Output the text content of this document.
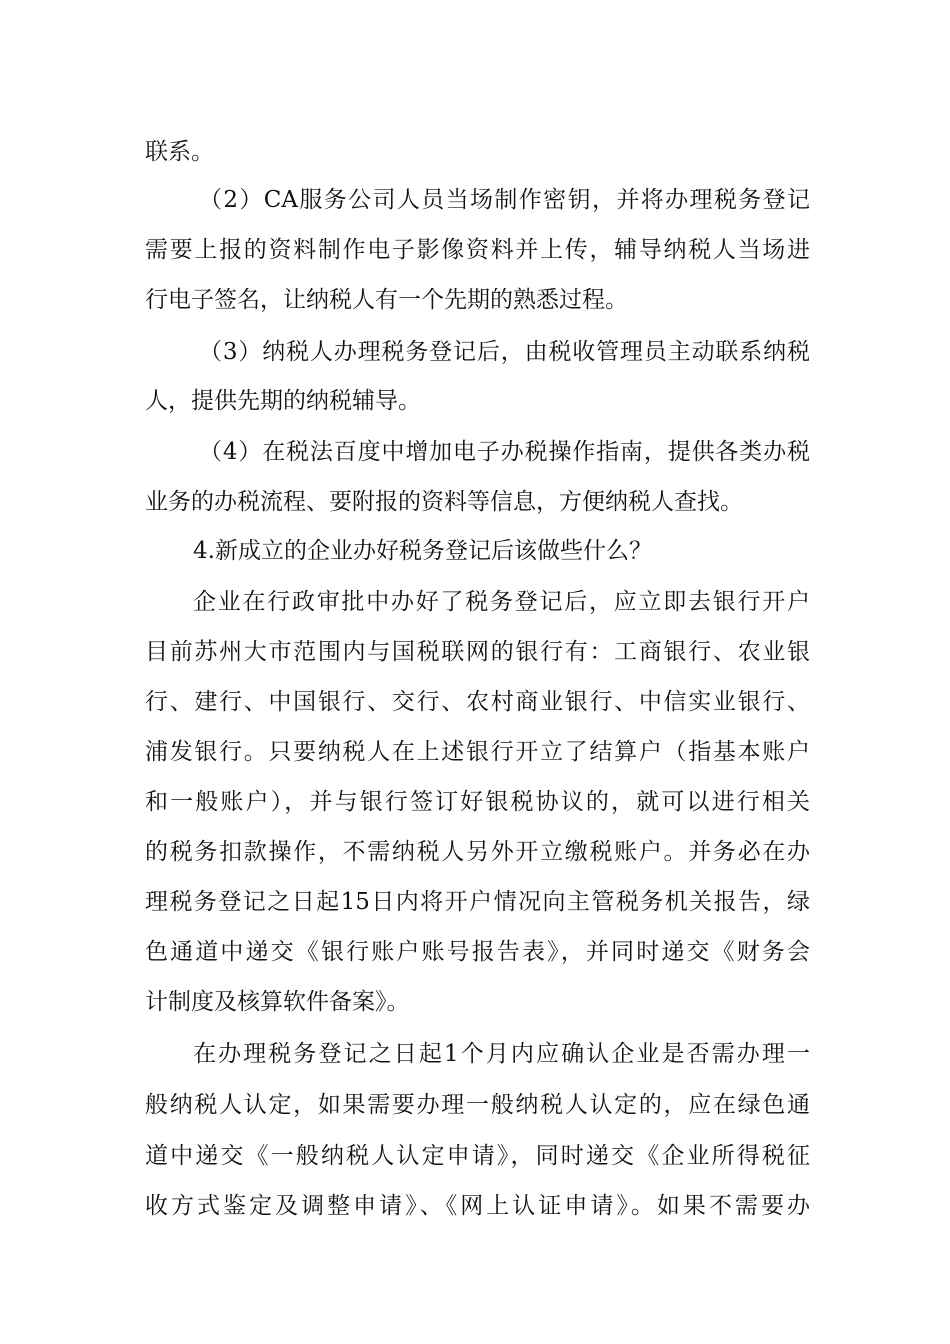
联系。
（2）CA服务公司人员当场制作密钥，并将办理税务登记
需要上报的资料制作电子影像资料并上传，辅导纳税人当场进
行电子签名，让纳税人有一个先期的熟悉过程。
（3）纳税人办理税务登记后，由税收管理员主动联系纳税
人，提供先期的纳税辅导。
（4）在税法百度中增加电子办税操作指南，提供各类办税
业务的办税流程、要附报的资料等信息，方便纳税人查找。
4.新成立的企业办好税务登记后该做些什么？
企业在行政审批中办好了税务登记后，应立即去银行开户
目前苏州大市范围内与国税联网的银行有：工商银行、农业银
行、建行、中国银行、交行、农村商业银行、中信实业银行、
浦发银行。只要纳税人在上述银行开立了结算户（指基本账户
和一般账户），并与银行签订好银税协议的，就可以进行相关
的税务扣款操作，不需纳税人另外开立缴税账户。并务必在办
理税务登记之日起15日内将开户情况向主管税务机关报告，绿
色通道中递交《银行账户账号报告表》，并同时递交《财务会
计制度及核算软件备案》。
在办理税务登记之日起1个月内应确认企业是否需办理一
般纳税人认定，如果需要办理一般纳税人认定的，应在绿色通
道中递交《一般纳税人认定申请》，同时递交《企业所得税征
收方式鉴定及调整申请》、《网上认证申请》。如果不需要办
